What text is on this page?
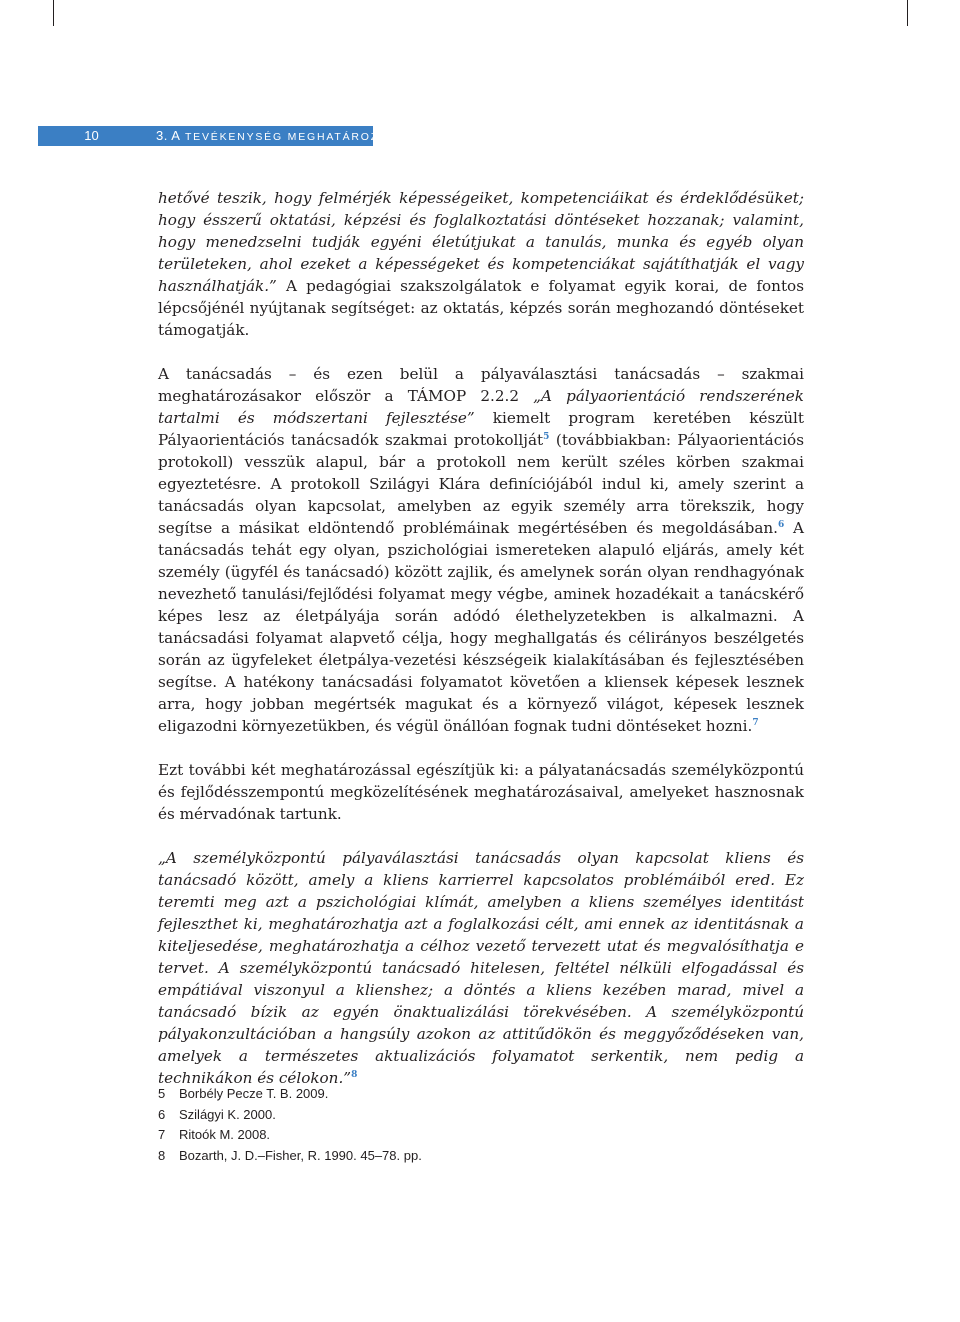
10	3. A TEVÉKENYSÉG MEGHATÁROZÁSA

hetővé teszik, hogy felmérjék képességeiket, kompetenciáikat és érdeklődésüket; hogy ésszerű oktatási, képzési és foglalkoztatási döntéseket hozzanak; valamint, hogy menedzselni tudják egyéni életútjukat a tanulás, munka és egyéb olyan területeken, ahol ezeket a képességeket és kompetenciákat sajátíthatják el vagy használhatják.” A pedagógiai szakszolgálatok e folyamat egyik korai, de fontos lépcsőjénél nyújtanak segítséget: az oktatás, képzés során meghozandó döntéseket támogatják.

A tanácsadás – és ezen belül a pályaválasztási tanácsadás – szakmai meghatározásakor először a TÁMOP 2.2.2 „A pályaorientáció rendszerének tartalmi és módszertani fejlesztése” kiemelt program keretében készült Pályaorientációs tanácsadók szakmai protokollját$^5$ (továbbiakban: Pályaorientációs protokoll) vesszük alapul, bár a protokoll nem került széles körben szakmai egyeztetésre. A protokoll Szilágyi Klára definíciójából indul ki, amely szerint a tanácsadás olyan kapcsolat, amelyben az egyik személy arra törekszik, hogy segítse a másikat eldöntendő problémáinak megértésében és megoldásában.$^6$ A tanácsadás tehát egy olyan, pszichológiai ismereteken alapuló eljárás, amely két személy (ügyfél és tanácsadó) között zajlik, és amelynek során olyan rendhagyónak nevezhető tanulási/fejlődési folyamat megy végbe, aminek hozadékait a tanácskérő képes lesz az életpályája során adódó élethelyzetekben is alkalmazni. A tanácsadási folyamat alapvető célja, hogy meghallgatás és célirányos beszélgetés során az ügyfeleket életpálya-vezetési készségeik kialakításában és fejlesztésében segítse. A hatékony tanácsadási folyamatot követően a kliensek képesek lesznek arra, hogy jobban megértsék magukat és a környező világot, képesek lesznek eligazodni környezetükben, és végül önállóan fognak tudni döntéseket hozni.$^7$

Ezt további két meghatározással egészítjük ki: a pályatanácsadás személyközpontú és fejlődésszempontú megközelítésének meghatározásaival, amelyeket hasznosnak és mérvadónak tartunk.

„A személyközpontú pályaválasztási tanácsadás olyan kapcsolat kliens és tanácsadó között, amely a kliens karrierrel kapcsolatos problémáiból ered. Ez teremti meg azt a pszichológiai klímát, amelyben a kliens személyes identitást fejleszthet ki, meghatározhatja azt a foglalkozási célt, ami ennek az identitásnak a kiteljesedése, meghatározhatja a célhoz vezető tervezett utat és megvalósíthatja e tervet. A személyközpontú tanácsadó hitelesen, feltétel nélküli elfogadással és empátiával viszonyul a klienshez; a döntés a kliens kezében marad, mivel a tanácsadó bízik az egyén önaktualizálási törekvésében. A személyközpontú pályakonzultációban a hangsúly azokon az attitűdökön és meggyőződéseken van, amelyek a természetes aktualizációs folyamatot serkentik, nem pedig a technikákon és célokon.”$^8$

5	Borbély Pecze T. B. 2009.
6	Szilágyi K. 2000.
7	Ritoók M. 2008.
8	Bozarth, J. D.–Fisher, R. 1990. 45–78. pp.
